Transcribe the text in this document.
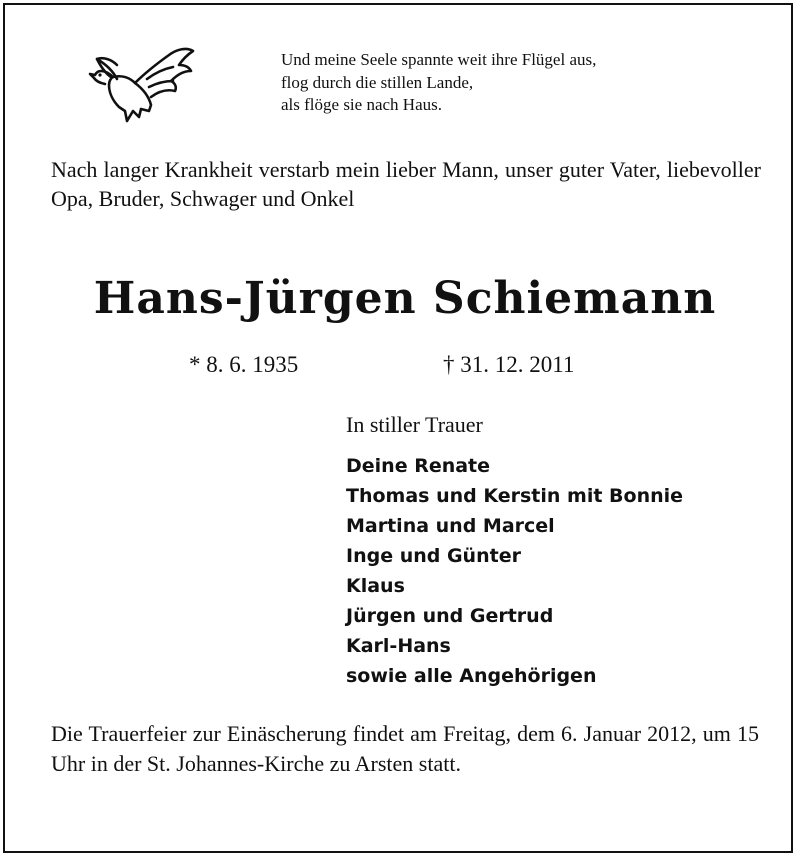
Und meine Seele spannte weit ihre Flügel aus,
flog durch die stillen Lande,
als flöge sie nach Haus.
Nach langer Krankheit verstarb mein lieber Mann, unser guter Vater, liebevoller Opa, Bruder, Schwager und Onkel
Hans-Jürgen Schiemann
* 8. 6. 1935	† 31. 12. 2011
In stiller Trauer
Deine Renate
Thomas und Kerstin mit Bonnie
Martina und Marcel
Inge und Günter
Klaus
Jürgen und Gertrud
Karl-Hans
sowie alle Angehörigen
Die Trauerfeier zur Einäscherung findet am Freitag, dem 6. Januar 2012, um 15 Uhr in der St. Johannes-Kirche zu Arsten statt.
